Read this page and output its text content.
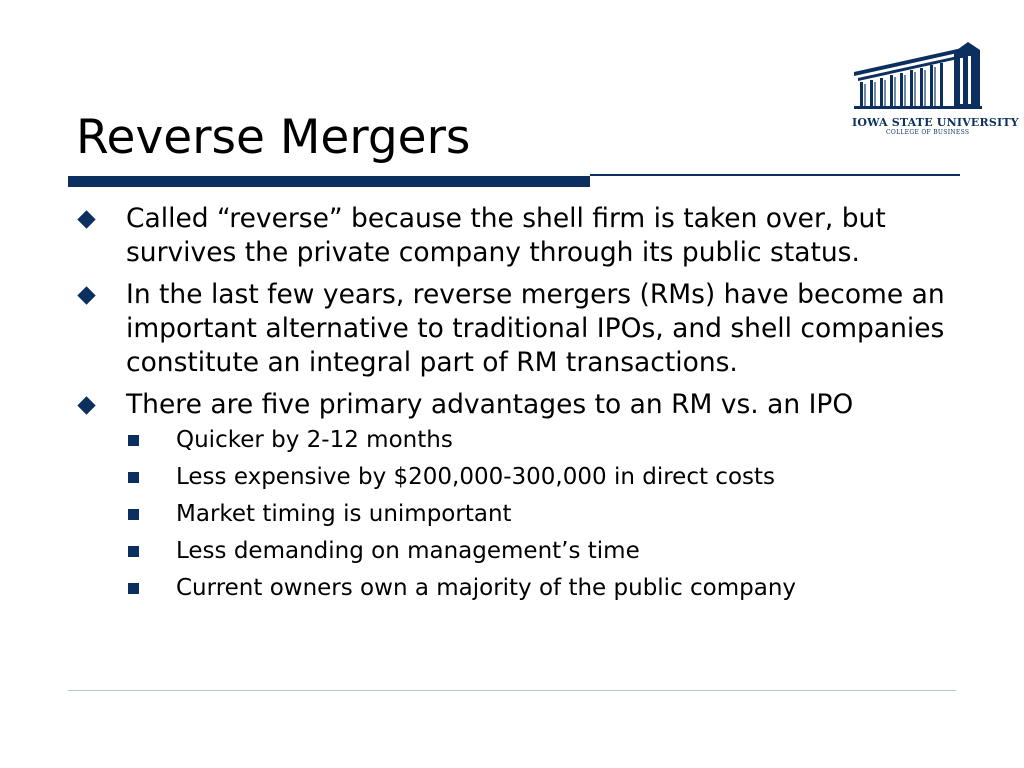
IOWA STATE UNIVERSITY
COLLEGE OF BUSINESS
Reverse Mergers
Called “reverse” because the shell firm is taken over, but survives the private company through its public status.
In the last few years, reverse mergers (RMs) have become an important alternative to traditional IPOs, and shell companies constitute an integral part of RM transactions.
There are five primary advantages to an RM vs. an IPO
Quicker by 2-12 months
Less expensive by $200,000-300,000 in direct costs
Market timing is unimportant
Less demanding on management’s time
Current owners own a majority of the public company
